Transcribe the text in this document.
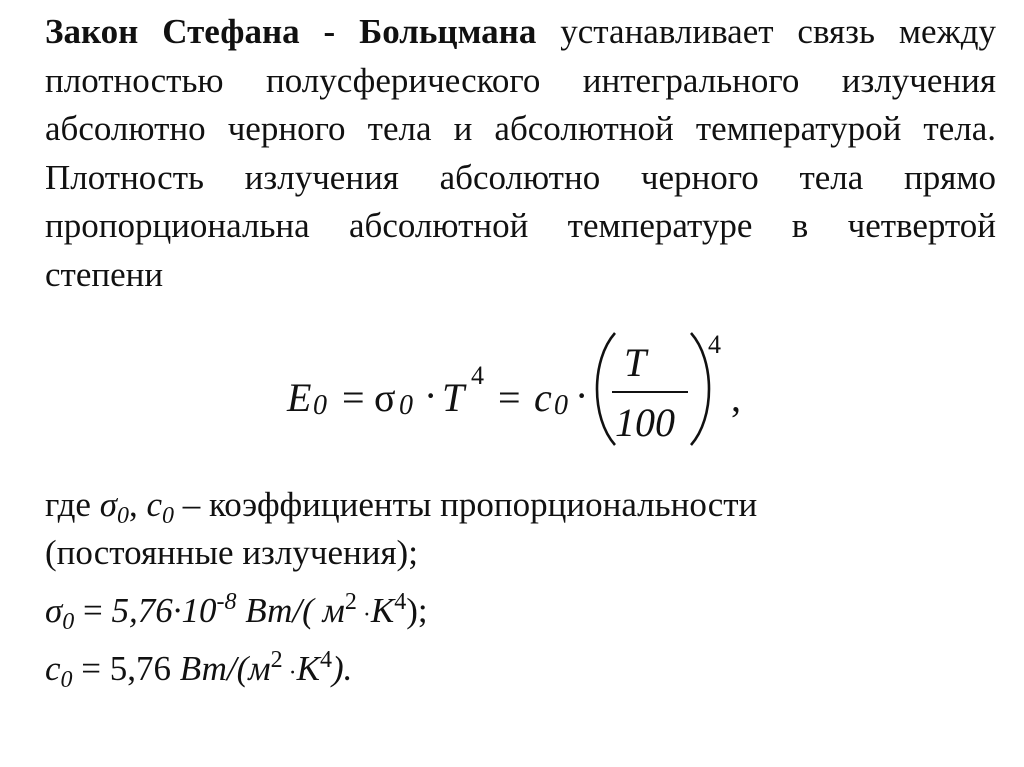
Закон Стефана - Больцмана устанавливает связь между плотностью полусферического интегрального излучения абсолютно черного тела и абсолютной температурой тела. Плотность излучения абсолютно черного тела прямо пропорциональна абсолютной температуре в четвертой степени

E 0 = σ 0 · T 4 = c 0 ·
T
100
4
,

где $\sigma_0$, $c_0$ – коэффициенты пропорциональности

(постоянные излучения);

$\sigma_0 = 5,76\cdot 10^{-8}$ Вт/( $м^2 \cdot K^4$);

$c_0 = 5,76$ $Вт/(м^2 \cdot K^4)$.
